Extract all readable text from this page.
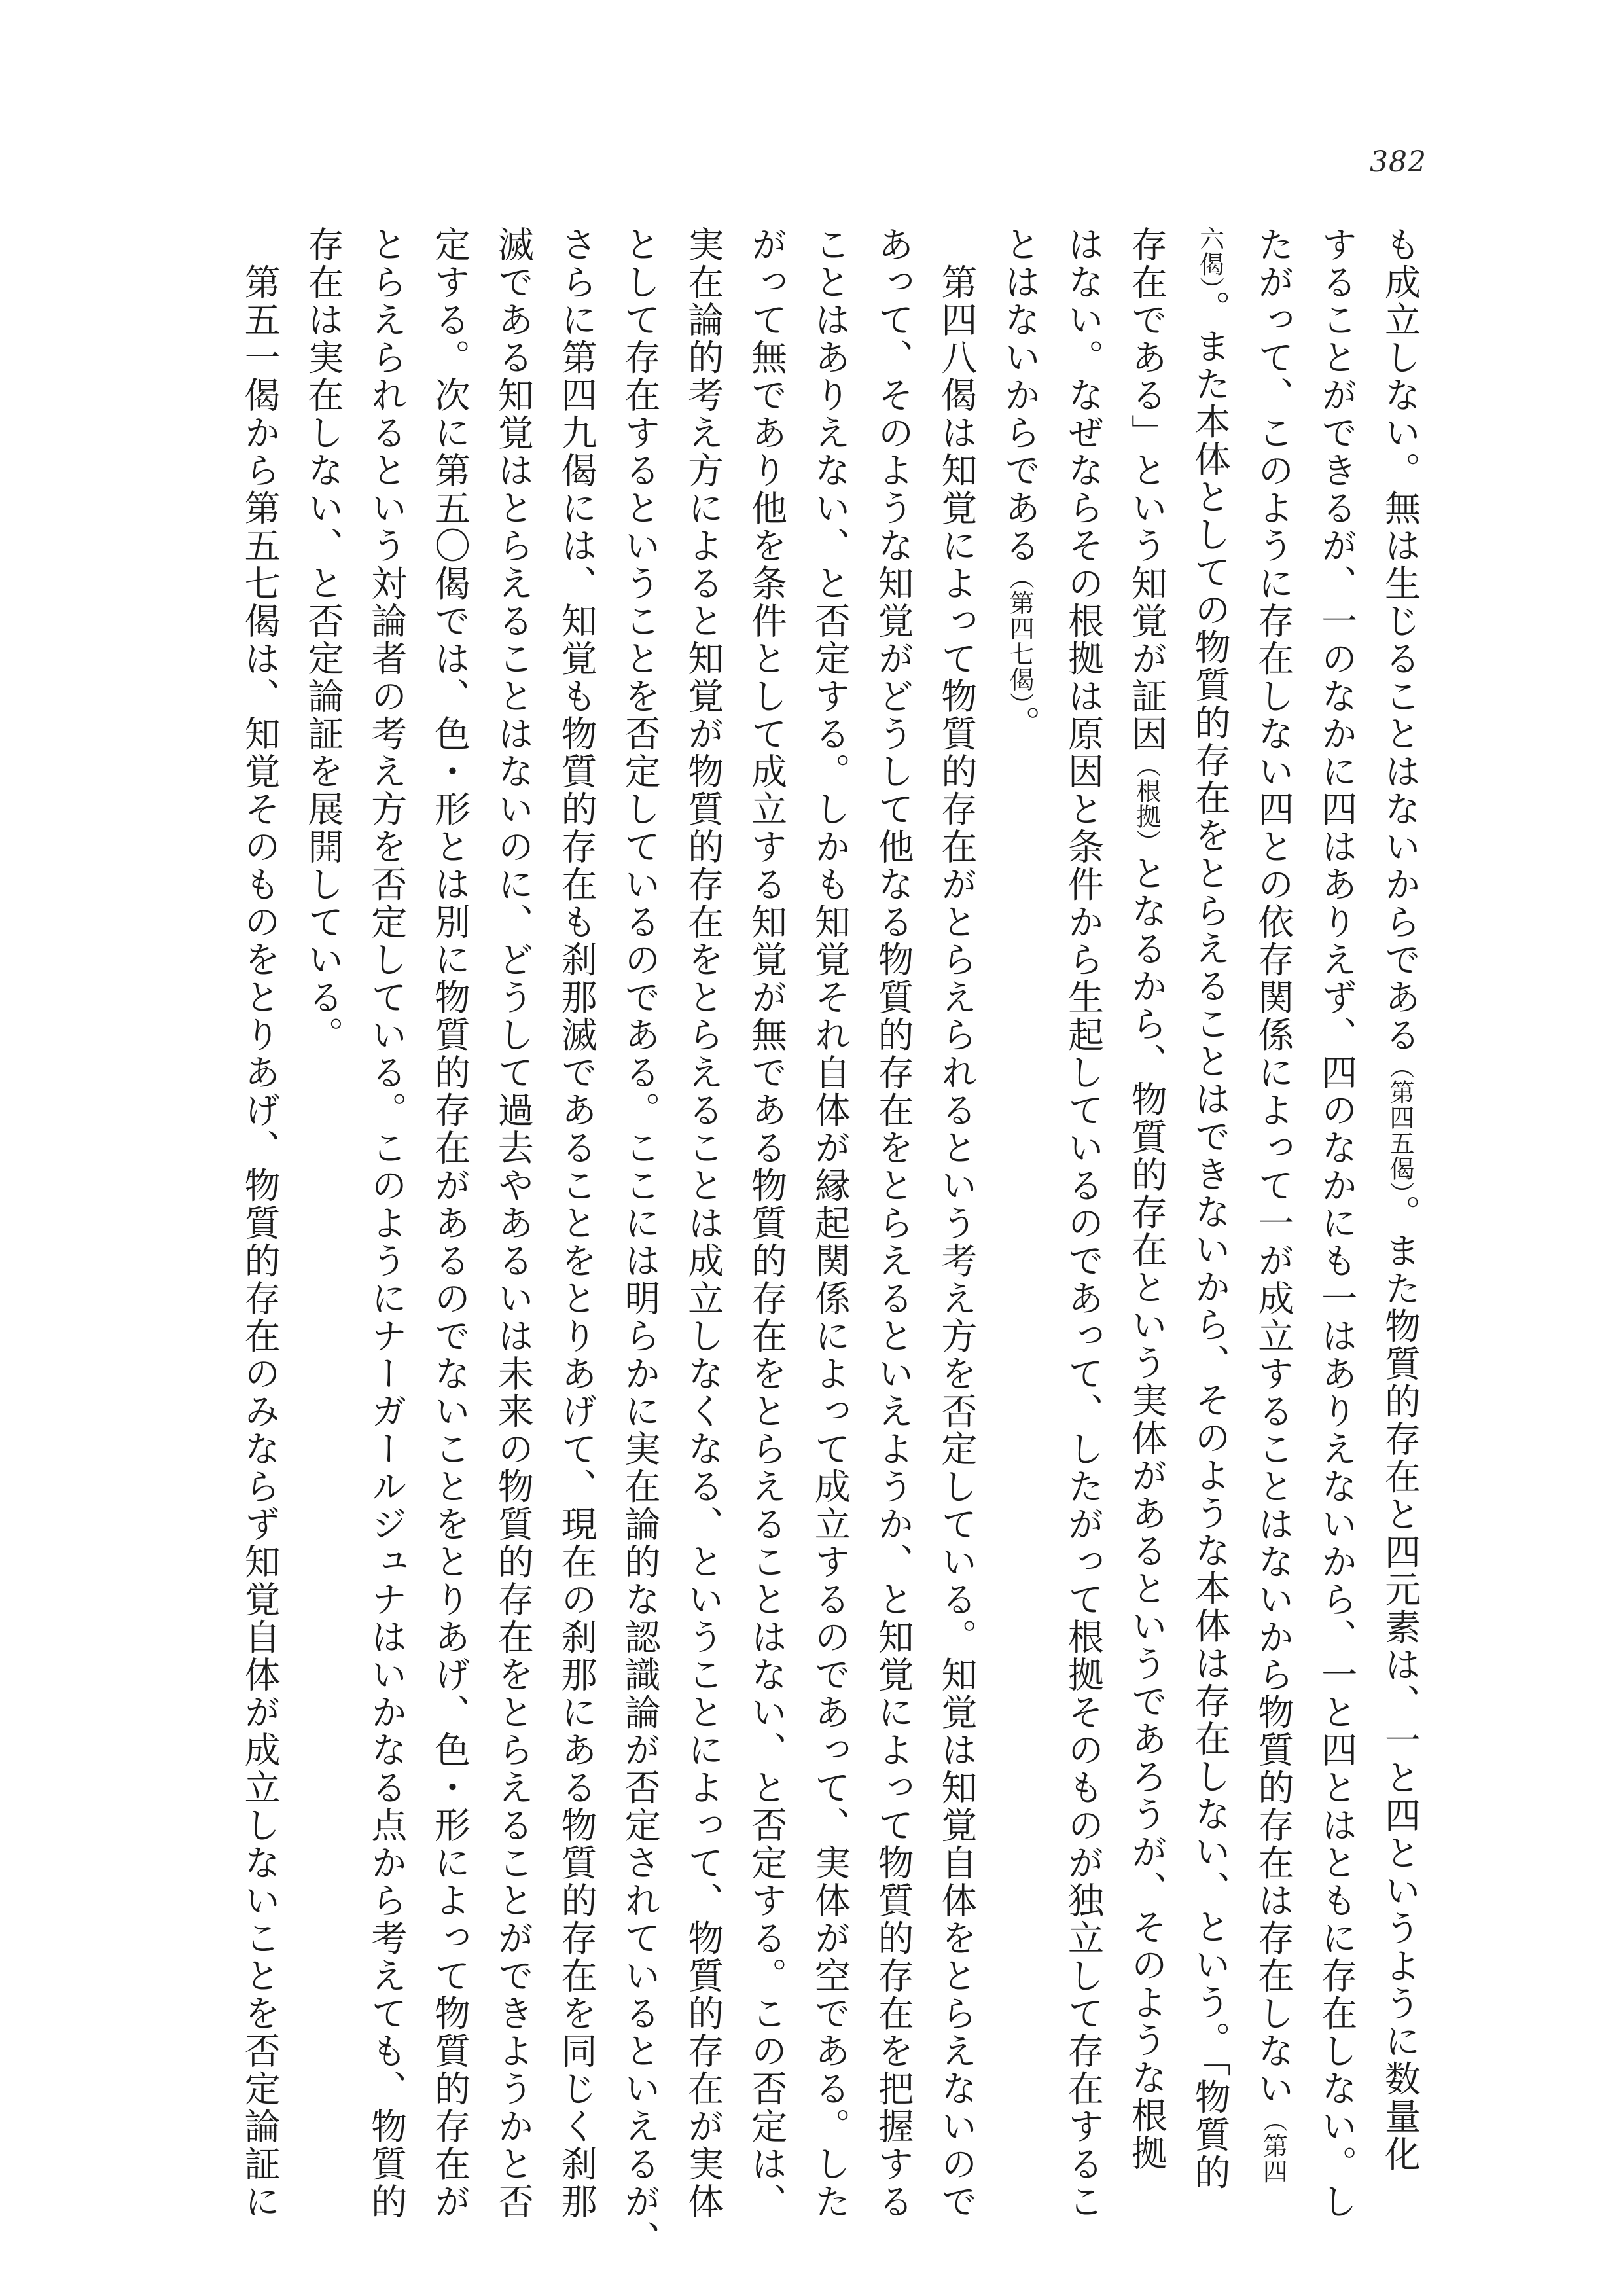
382
も成立しない。無は生じることはないからである（第四五偈）。また物質的存在と四元素は、一と四というように数量化
することができるが、一のなかに四はありえず、四のなかにも一はありえないから、一と四とはともに存在しない。し
たがって、このように存在しない四との依存関係によって一が成立することはないから物質的存在は存在しない（第四
六偈）。また本体としての物質的存在をとらえることはできないから、そのような本体は存在しない、という。「物質的
存在である」という知覚が証因（根拠）となるから、物質的存在という実体があるというであろうが、そのような根拠
はない。なぜならその根拠は原因と条件から生起しているのであって、したがって根拠そのものが独立して存在するこ
とはないからである（第四七偈）。
　第四八偈は知覚によって物質的存在がとらえられるという考え方を否定している。知覚は知覚自体をとらえないので
あって、そのような知覚がどうして他なる物質的存在をとらえるといえようか、と知覚によって物質的存在を把握する
ことはありえない、と否定する。しかも知覚それ自体が縁起関係によって成立するのであって、実体が空である。した
がって無であり他を条件として成立する知覚が無である物質的存在をとらえることはない、と否定する。この否定は、
実在論的考え方によると知覚が物質的存在をとらえることは成立しなくなる、ということによって、物質的存在が実体
として存在するということを否定しているのである。ここには明らかに実在論的な認識論が否定されているといえるが、
さらに第四九偈には、知覚も物質的存在も刹那滅であることをとりあげて、現在の刹那にある物質的存在を同じく刹那
滅である知覚はとらえることはないのに、どうして過去やあるいは未来の物質的存在をとらえることができようかと否
定する。次に第五〇偈では、色・形とは別に物質的存在があるのでないことをとりあげ、色・形によって物質的存在が
とらえられるという対論者の考え方を否定している。このようにナーガールジュナはいかなる点から考えても、物質的
存在は実在しない、と否定論証を展開している。
　第五一偈から第五七偈は、知覚そのものをとりあげ、物質的存在のみならず知覚自体が成立しないことを否定論証に
